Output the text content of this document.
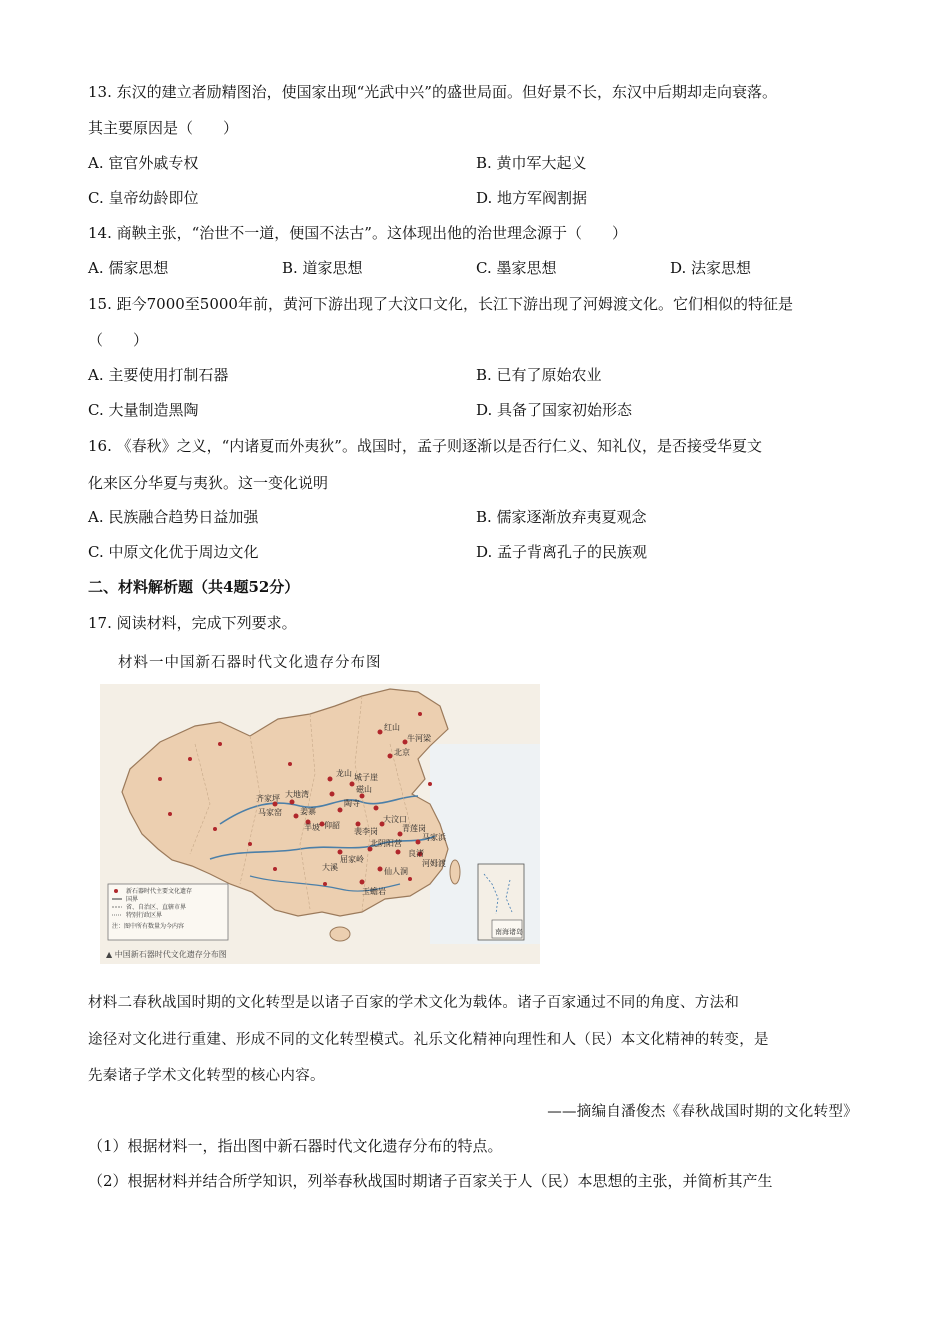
13. 东汉的建立者励精图治，使国家出现“光武中兴”的盛世局面。但好景不长，东汉中后期却走向衰落。
其主要原因是（　　）
A. 宦官外戚专权	B. 黄巾军大起义
C. 皇帝幼龄即位	D. 地方军阀割据
14. 商鞅主张，“治世不一道，便国不法古”。这体现出他的治世理念源于（　　）
A. 儒家思想	B. 道家思想	C. 墨家思想	D. 法家思想
15. 距今7000至5000年前，黄河下游出现了大汶口文化，长江下游出现了河姆渡文化。它们相似的特征是
（　　）
A. 主要使用打制石器	B. 已有了原始农业
C. 大量制造黑陶	D. 具备了国家初始形态
16. 《春秋》之义，“内诸夏而外夷狄”。战国时，孟子则逐渐以是否行仁义、知礼仪，是否接受华夏文
化来区分华夏与夷狄。这一变化说明
A. 民族融合趋势日益加强	B. 儒家逐渐放弃夷夏观念
C. 中原文化优于周边文化	D. 孟子背离孔子的民族观
二、材料解析题（共4题52分）
17. 阅读材料，完成下列要求。
材料一中国新石器时代文化遗存分布图
红山
北京
牛河梁
齐家坪 大地湾
磁山
马家窑 姜寨
仰韶
半坡
大汶口
裴李岗
良渚
屈家岭
北阴阳营
大溪
玉蟾岩
仙人洞
马家浜
河姆渡
龙山
青莲岗
陶寺
城子崖
新石器时代主要文化遗存
国界
省、自治区、直辖市界
特别行政区界
注：图中所有数量为今内容
南海诸岛
▲ 中国新石器时代文化遗存分布图
材料二春秋战国时期的文化转型是以诸子百家的学术文化为载体。诸子百家通过不同的角度、方法和
途径对文化进行重建、形成不同的文化转型模式。礼乐文化精神向理性和人（民）本文化精神的转变，是
先秦诸子学术文化转型的核心内容。
——摘编自潘俊杰《春秋战国时期的文化转型》
（1）根据材料一，指出图中新石器时代文化遗存分布的特点。
（2）根据材料并结合所学知识，列举春秋战国时期诸子百家关于人（民）本思想的主张，并简析其产生
